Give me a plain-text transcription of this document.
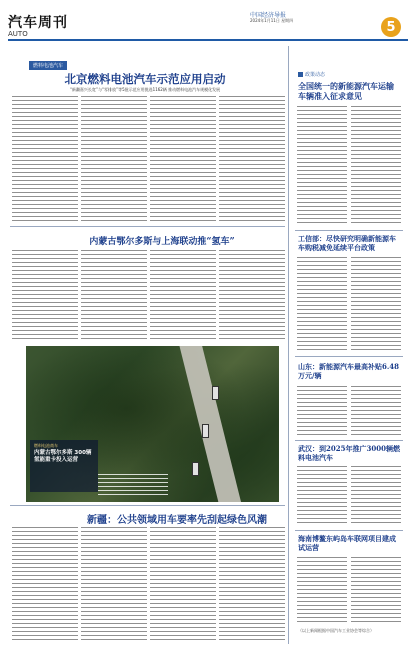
汽车周刊
AUTO
中国经济导报
2024年1月11日 星期四	5
燃料电池汽车
北京燃料电池汽车示范应用启动
“新疆嘉兴长宽”与“零排放”等5批示范应用挑选1162辆 推动燃料电池汽车规模化发展
内蒙古鄂尔多斯与上海联动推“氢车”
燃料电池商车
内蒙古鄂尔多斯 300辆氢能重卡投入运营
新疆：公共领域用车要率先刮起绿色风潮
政策动态
全国统一的新能源汽车运输车辆准入征求意见
工信部：尽快研究明确新能源车车购税减免延续平台政策
山东：新能源汽车最高补贴6.48万元/辆
武汉：到2025年推广3000辆燃料电池汽车
海南博鳌东屿岛车联网项目建成试运营
（以上新闻根据中国汽车工业协会等综合）
